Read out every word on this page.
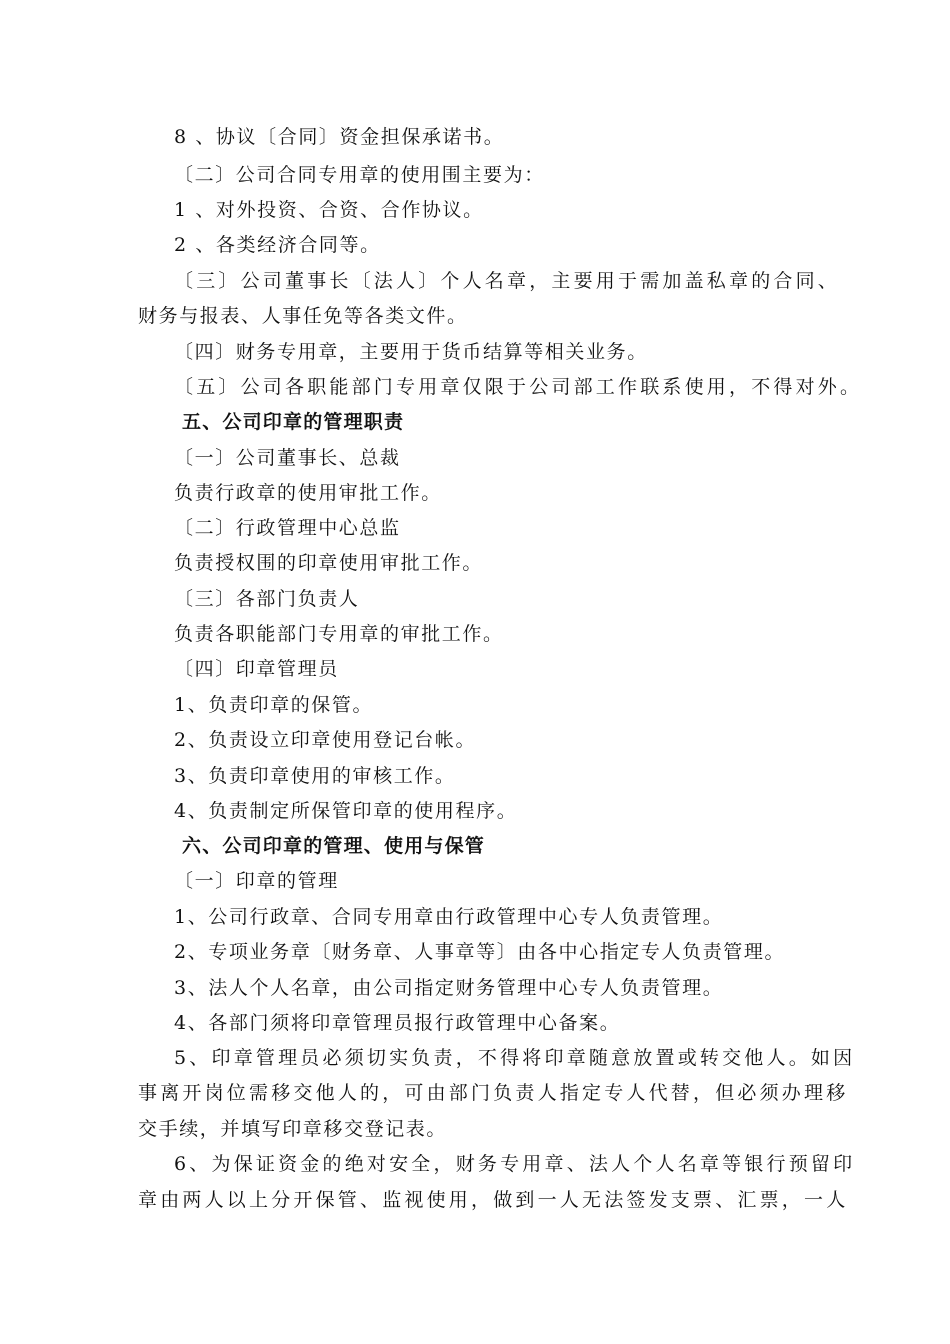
8 、协议〔合同〕资金担保承诺书。
〔二〕公司合同专用章的使用围主要为：
1 、对外投资、合资、合作协议。
2 、各类经济合同等。
〔三〕公司董事长〔法人〕个人名章，主要用于需加盖私章的合同、
财务与报表、人事任免等各类文件。
〔四〕财务专用章，主要用于货币结算等相关业务。
〔五〕公司各职能部门专用章仅限于公司部工作联系使用，不得对外。
五、公司印章的管理职责
〔一〕公司董事长、总裁
负责行政章的使用审批工作。
〔二〕行政管理中心总监
负责授权围的印章使用审批工作。
〔三〕各部门负责人
负责各职能部门专用章的审批工作。
〔四〕印章管理员
1、负责印章的保管。
2、负责设立印章使用登记台帐。
3、负责印章使用的审核工作。
4、负责制定所保管印章的使用程序。
六、公司印章的管理、使用与保管
〔一〕印章的管理
1、公司行政章、合同专用章由行政管理中心专人负责管理。
2、专项业务章〔财务章、人事章等〕由各中心指定专人负责管理。
3、法人个人名章，由公司指定财务管理中心专人负责管理。
4、各部门须将印章管理员报行政管理中心备案。
5、印章管理员必须切实负责，不得将印章随意放置或转交他人。如因
事离开岗位需移交他人的，可由部门负责人指定专人代替，但必须办理移
交手续，并填写印章移交登记表。
6、为保证资金的绝对安全，财务专用章、法人个人名章等银行预留印
章由两人以上分开保管、监视使用，做到一人无法签发支票、汇票，一人
